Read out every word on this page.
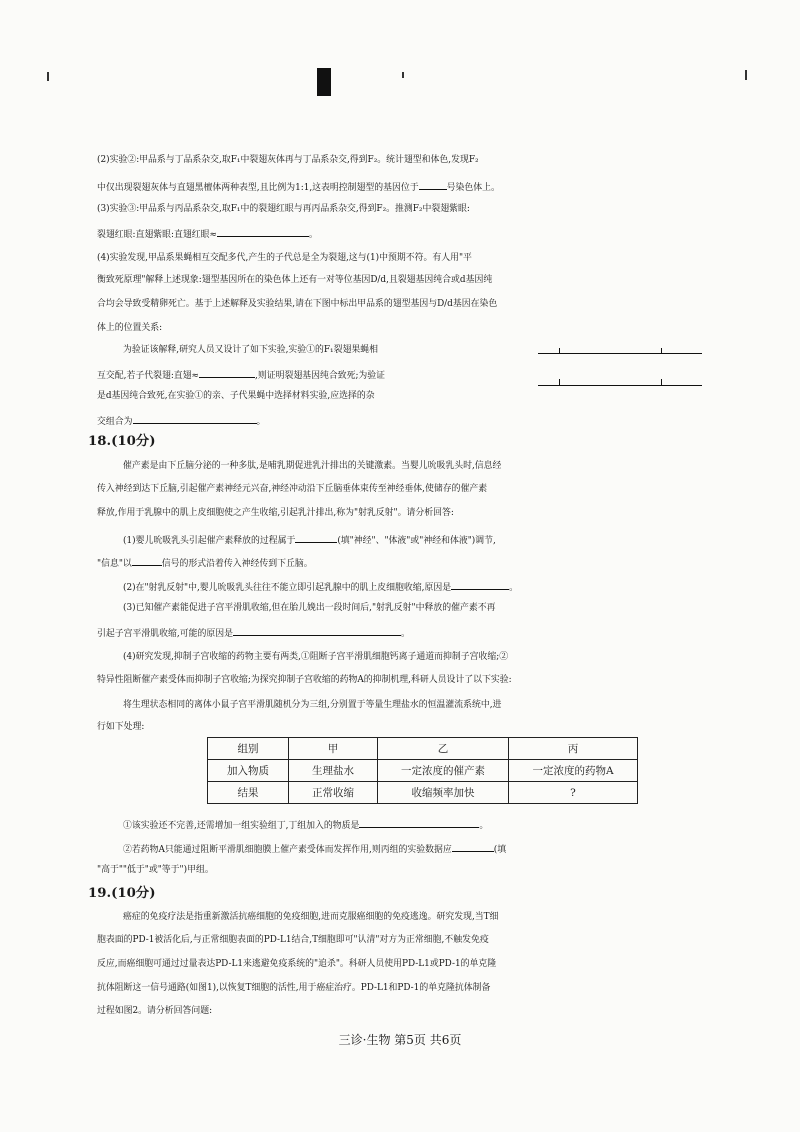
(2)实验②:甲品系与丁品系杂交,取F₁中裂翅灰体再与丁品系杂交,得到F₂。统计翅型和体色,发现F₂
中仅出现裂翅灰体与直翅黑檀体两种表型,且比例为1:1,这表明控制翅型的基因位于	号染色体上。
(3)实验③:甲品系与丙品系杂交,取F₁中的裂翅红眼与再丙品系杂交,得到F₂。推测F₂中裂翅紫眼:
裂翅红眼:直翅紫眼:直翅红眼≈	。
(4)实验发现,甲品系果蝇相互交配多代,产生的子代总是全为裂翅,这与(1)中预期不符。有人用"平
衡致死原理"解释上述现象:翅型基因所在的染色体上还有一对等位基因D/d,且裂翅基因纯合或d基因纯
合均会导致受精卵死亡。基于上述解释及实验结果,请在下图中标出甲品系的翅型基因与D/d基因在染色
体上的位置关系:
为验证该解释,研究人员又设计了如下实验,实验①的F₁裂翅果蝇相
互交配,若子代裂翅:直翅≈	,则证明裂翅基因纯合致死;为验证
是d基因纯合致死,在实验①的亲、子代果蝇中选择材料实验,应选择的杂
交组合为	。
18.(10分)
催产素是由下丘脑分泌的一种多肽,是哺乳期促进乳汁排出的关键激素。当婴儿吮吸乳头时,信息经
传入神经到达下丘脑,引起催产素神经元兴奋,神经冲动沿下丘脑垂体束传至神经垂体,使储存的催产素
释放,作用于乳腺中的肌上皮细胞使之产生收缩,引起乳汁排出,称为"射乳反射"。请分析回答:
(1)婴儿吮吸乳头引起催产素释放的过程属于	(填"神经"、"体液"或"神经和体液")调节,
"信息"以	信号的形式沿着传入神经传到下丘脑。
(2)在"射乳反射"中,婴儿吮吸乳头往往不能立即引起乳腺中的肌上皮细胞收缩,原因是	。
(3)已知催产素能促进子宫平滑肌收缩,但在胎儿娩出一段时间后,"射乳反射"中释放的催产素不再
引起子宫平滑肌收缩,可能的原因是	。
(4)研究发现,抑制子宫收缩的药物主要有两类,①阻断子宫平滑肌细胞钙离子通道而抑制子宫收缩;②
特异性阻断催产素受体而抑制子宫收缩;为探究抑制子宫收缩的药物A的抑制机理,科研人员设计了以下实验:
将生理状态相同的离体小鼠子宫平滑肌随机分为三组,分别置于等量生理盐水的恒温灌流系统中,进
行如下处理:
组别	甲	乙	丙
加入物质	生理盐水	一定浓度的催产素	一定浓度的药物A
结果	正常收缩	收缩频率加快	?
①该实验还不完善,还需增加一组实验组丁,丁组加入的物质是	。
②若药物A只能通过阻断平滑肌细胞膜上催产素受体而发挥作用,则丙组的实验数据应	(填
"高于""低于"或"等于")甲组。
19.(10分)
癌症的免疫疗法是指重新激活抗癌细胞的免疫细胞,进而克服癌细胞的免疫逃逸。研究发现,当T细
胞表面的PD-1被活化后,与正常细胞表面的PD-L1结合,T细胞即可"认清"对方为正常细胞,不触发免疫
反应,而癌细胞可通过过量表达PD-L1来逃避免疫系统的"追杀"。科研人员使用PD-L1或PD-1的单克隆
抗体阻断这一信号通路(如图1),以恢复T细胞的活性,用于癌症治疗。PD-L1和PD-1的单克隆抗体制备
过程如图2。请分析回答问题:
三诊·生物 第5页 共6页
